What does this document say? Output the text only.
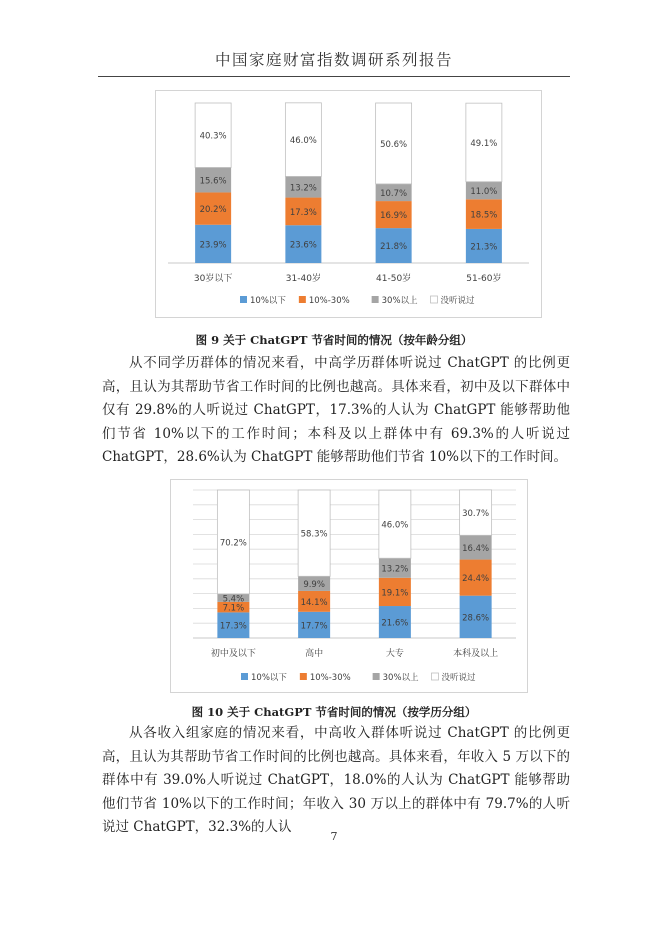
中国家庭财富指数调研系列报告
23.9%
20.2%
15.6%
40.3%
30岁以下
23.6%
17.3%
13.2%
46.0%
31-40岁
21.8%
16.9%
10.7%
50.6%
41-50岁
21.3%
18.5%
11.0%
49.1%
51-60岁
10%以下	10%-30%	30%以上	没听说过
图 9 关于 ChatGPT 节省时间的情况（按年龄分组）

从不同学历群体的情况来看，中高学历群体听说过 ChatGPT 的比例更高，且认为其帮助节省工作时间的比例也越高。具体来看，初中及以下群体中仅有 29.8%的人听说过 ChatGPT，17.3%的人认为 ChatGPT 能够帮助他们节省 10%以下的工作时间；本科及以上群体中有 69.3%的人听说过 ChatGPT，28.6%认为 ChatGPT 能够帮助他们节省 10%以下的工作时间。

17.3%
7.1%
5.4%
70.2%
初中及以下
17.7%
14.1%
9.9%
58.3%
高中
21.6%
19.1%
13.2%
46.0%
大专
28.6%
24.4%
16.4%
30.7%
本科及以上
10%以下	10%-30%	30%以上	没听说过
图 10 关于 ChatGPT 节省时间的情况（按学历分组）

从各收入组家庭的情况来看，中高收入群体听说过 ChatGPT 的比例更高，且认为其帮助节省工作时间的比例也越高。具体来看，年收入 5 万以下的群体中有 39.0%人听说过 ChatGPT，18.0%的人认为 ChatGPT 能够帮助他们节省 10%以下的工作时间；年收入 30 万以上的群体中有 79.7%的人听说过 ChatGPT，32.3%的人认

7
